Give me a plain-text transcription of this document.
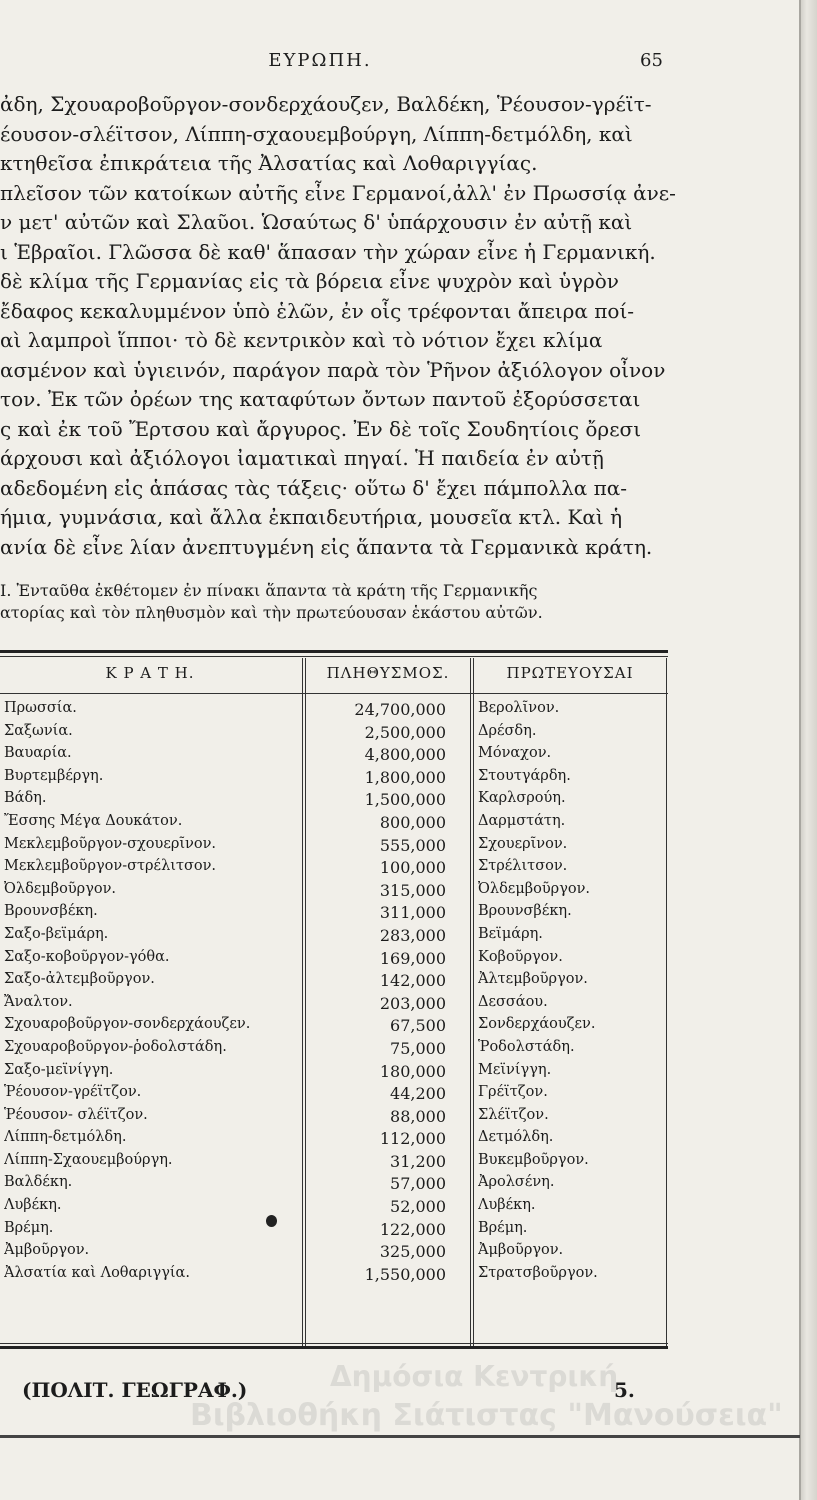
ΕΥΡΩΠΗ.	65
ἀδη, Σχουαροβοῦργον-σονδερχάουζεν, Βαλδέκη, Ῥέουσον-γρέϊτ-
έουσον-σλέϊτσον, Λίππη-σχαουεμβούργη, Λίππη-δετμόλδη, καὶ
κτηθεῖσα ἐπικράτεια τῆς Ἀλσατίας καὶ Λοθαριγγίας.
πλεῖσον τῶν κατοίκων αὐτῆς εἶνε Γερμανοί,ἀλλ' ἐν Πρωσσίᾳ ἀνε-
ν μετ' αὐτῶν καὶ Σλαῦοι. Ὡσαύτως δ' ὑπάρχουσιν ἐν αὐτῇ καὶ
ι Ἑβραῖοι. Γλῶσσα δὲ καθ' ἅπασαν τὴν χώραν εἶνε ἡ Γερμανική.
δὲ κλίμα τῆς Γερμανίας εἰς τὰ βόρεια εἶνε ψυχρὸν καὶ ὑγρὸν
ἔδαφος κεκαλυμμένον ὑπὸ ἑλῶν, ἐν οἷς τρέφονται ἄπειρα ποί-
αὶ λαμπροὶ ἵπποι· τὸ δὲ κεντρικὸν καὶ τὸ νότιον ἔχει κλίμα
ασμένον καὶ ὑγιεινόν, παράγον παρὰ τὸν Ῥῆνον ἀξιόλογον οἶνον
τον. Ἐκ τῶν ὀρέων της καταφύτων ὄντων παντοῦ ἐξορύσσεται
ς καὶ ἐκ τοῦ Ἔρτσου καὶ ἄργυρος. Ἐν δὲ τοῖς Σουδητίοις ὄρεσι
άρχουσι καὶ ἀξιόλογοι ἰαματικαὶ πηγαί. Ἡ παιδεία ἐν αὐτῇ
αδεδομένη εἰς ἁπάσας τὰς τάξεις· οὕτω δ' ἔχει πάμπολλα πα-
ήμια, γυμνάσια, καὶ ἄλλα ἐκπαιδευτήρια, μουσεῖα κτλ. Καὶ ἡ
ανία δὲ εἶνε λίαν ἀνεπτυγμένη εἰς ἅπαντα τὰ Γερμανικὰ κράτη.
Ι. Ἐνταῦθα ἐκθέτομεν ἐν πίνακι ἅπαντα τὰ κράτη τῆς Γερμανικῆς
ατορίας καὶ τὸν πληθυσμὸν καὶ τὴν πρωτεύουσαν ἑκάστου αὐτῶν.
Κ Ρ Α Τ Η.	ΠΛΗΘΥΣΜΟΣ.	ΠΡΩΤΕΥΟΥΣΑΙ
Πρωσσία.	24,700,000 Βερολῖνον.
Σαξωνία.	2,500,000 Δρέσδη.
Βαυαρία.	4,800,000 Μόναχον.
Βυρτεμβέργη.	1,800,000 Στουτγάρδη.
Βάδη.	1,500,000 Καρλσρούη.
Ἔσσης Μέγα Δουκάτον.	800,000 Δαρμστάτη.
Μεκλεμβοῦργον-σχουερῖνον.	555,000 Σχουερῖνον.
Μεκλεμβοῦργον-στρέλιτσον.	100,000 Στρέλιτσον.
Ὀλδεμβοῦργον.	315,000 Ὀλδεμβοῦργον.
Βρουνσβέκη.	311,000 Βρουνσβέκη.
Σαξο-βεϊμάρη.	283,000 Βεϊμάρη.
Σαξο-κοβοῦργον-γόθα.	169,000 Κοβοῦργον.
Σαξο-ἀλτεμβοῦργον.	142,000 Ἀλτεμβοῦργον.
Ἄναλτον.	203,000 Δεσσάου.
Σχουαροβοῦργον-σονδερχάουζεν.	67,500 Σονδερχάουζεν.
Σχουαροβοῦργον-ῥοδολστάδη.	75,000 Ῥοδολστάδη.
Σαξο-μεϊνίγγη.	180,000 Μεϊνίγγη.
Ῥέουσον-γρέϊτζον.	44,200 Γρέϊτζον.
Ῥέουσον- σλέϊτζον.	88,000 Σλέϊτζον.
Λίππη-δετμόλδη.	112,000 Δετμόλδη.
Λίππη-Σχαουεμβούργη.	31,200 Βυκεμβοῦργον.
Βαλδέκη.	57,000 Ἀρολσένη.
Λυβέκη.	52,000 Λυβέκη.
Βρέμη.	122,000 Βρέμη.
Ἀμβοῦργον.	325,000 Ἀμβοῦργον.
Ἀλσατία καὶ Λοθαριγγία.	1,550,000 Στρατσβοῦργον.
(ΠΟΛΙΤ. ΓΕΩΓΡΑΦ.)	5.
Δημόσια Κεντρική
Βιβλιοθήκη Σιάτιστας "Μανούσεια"
